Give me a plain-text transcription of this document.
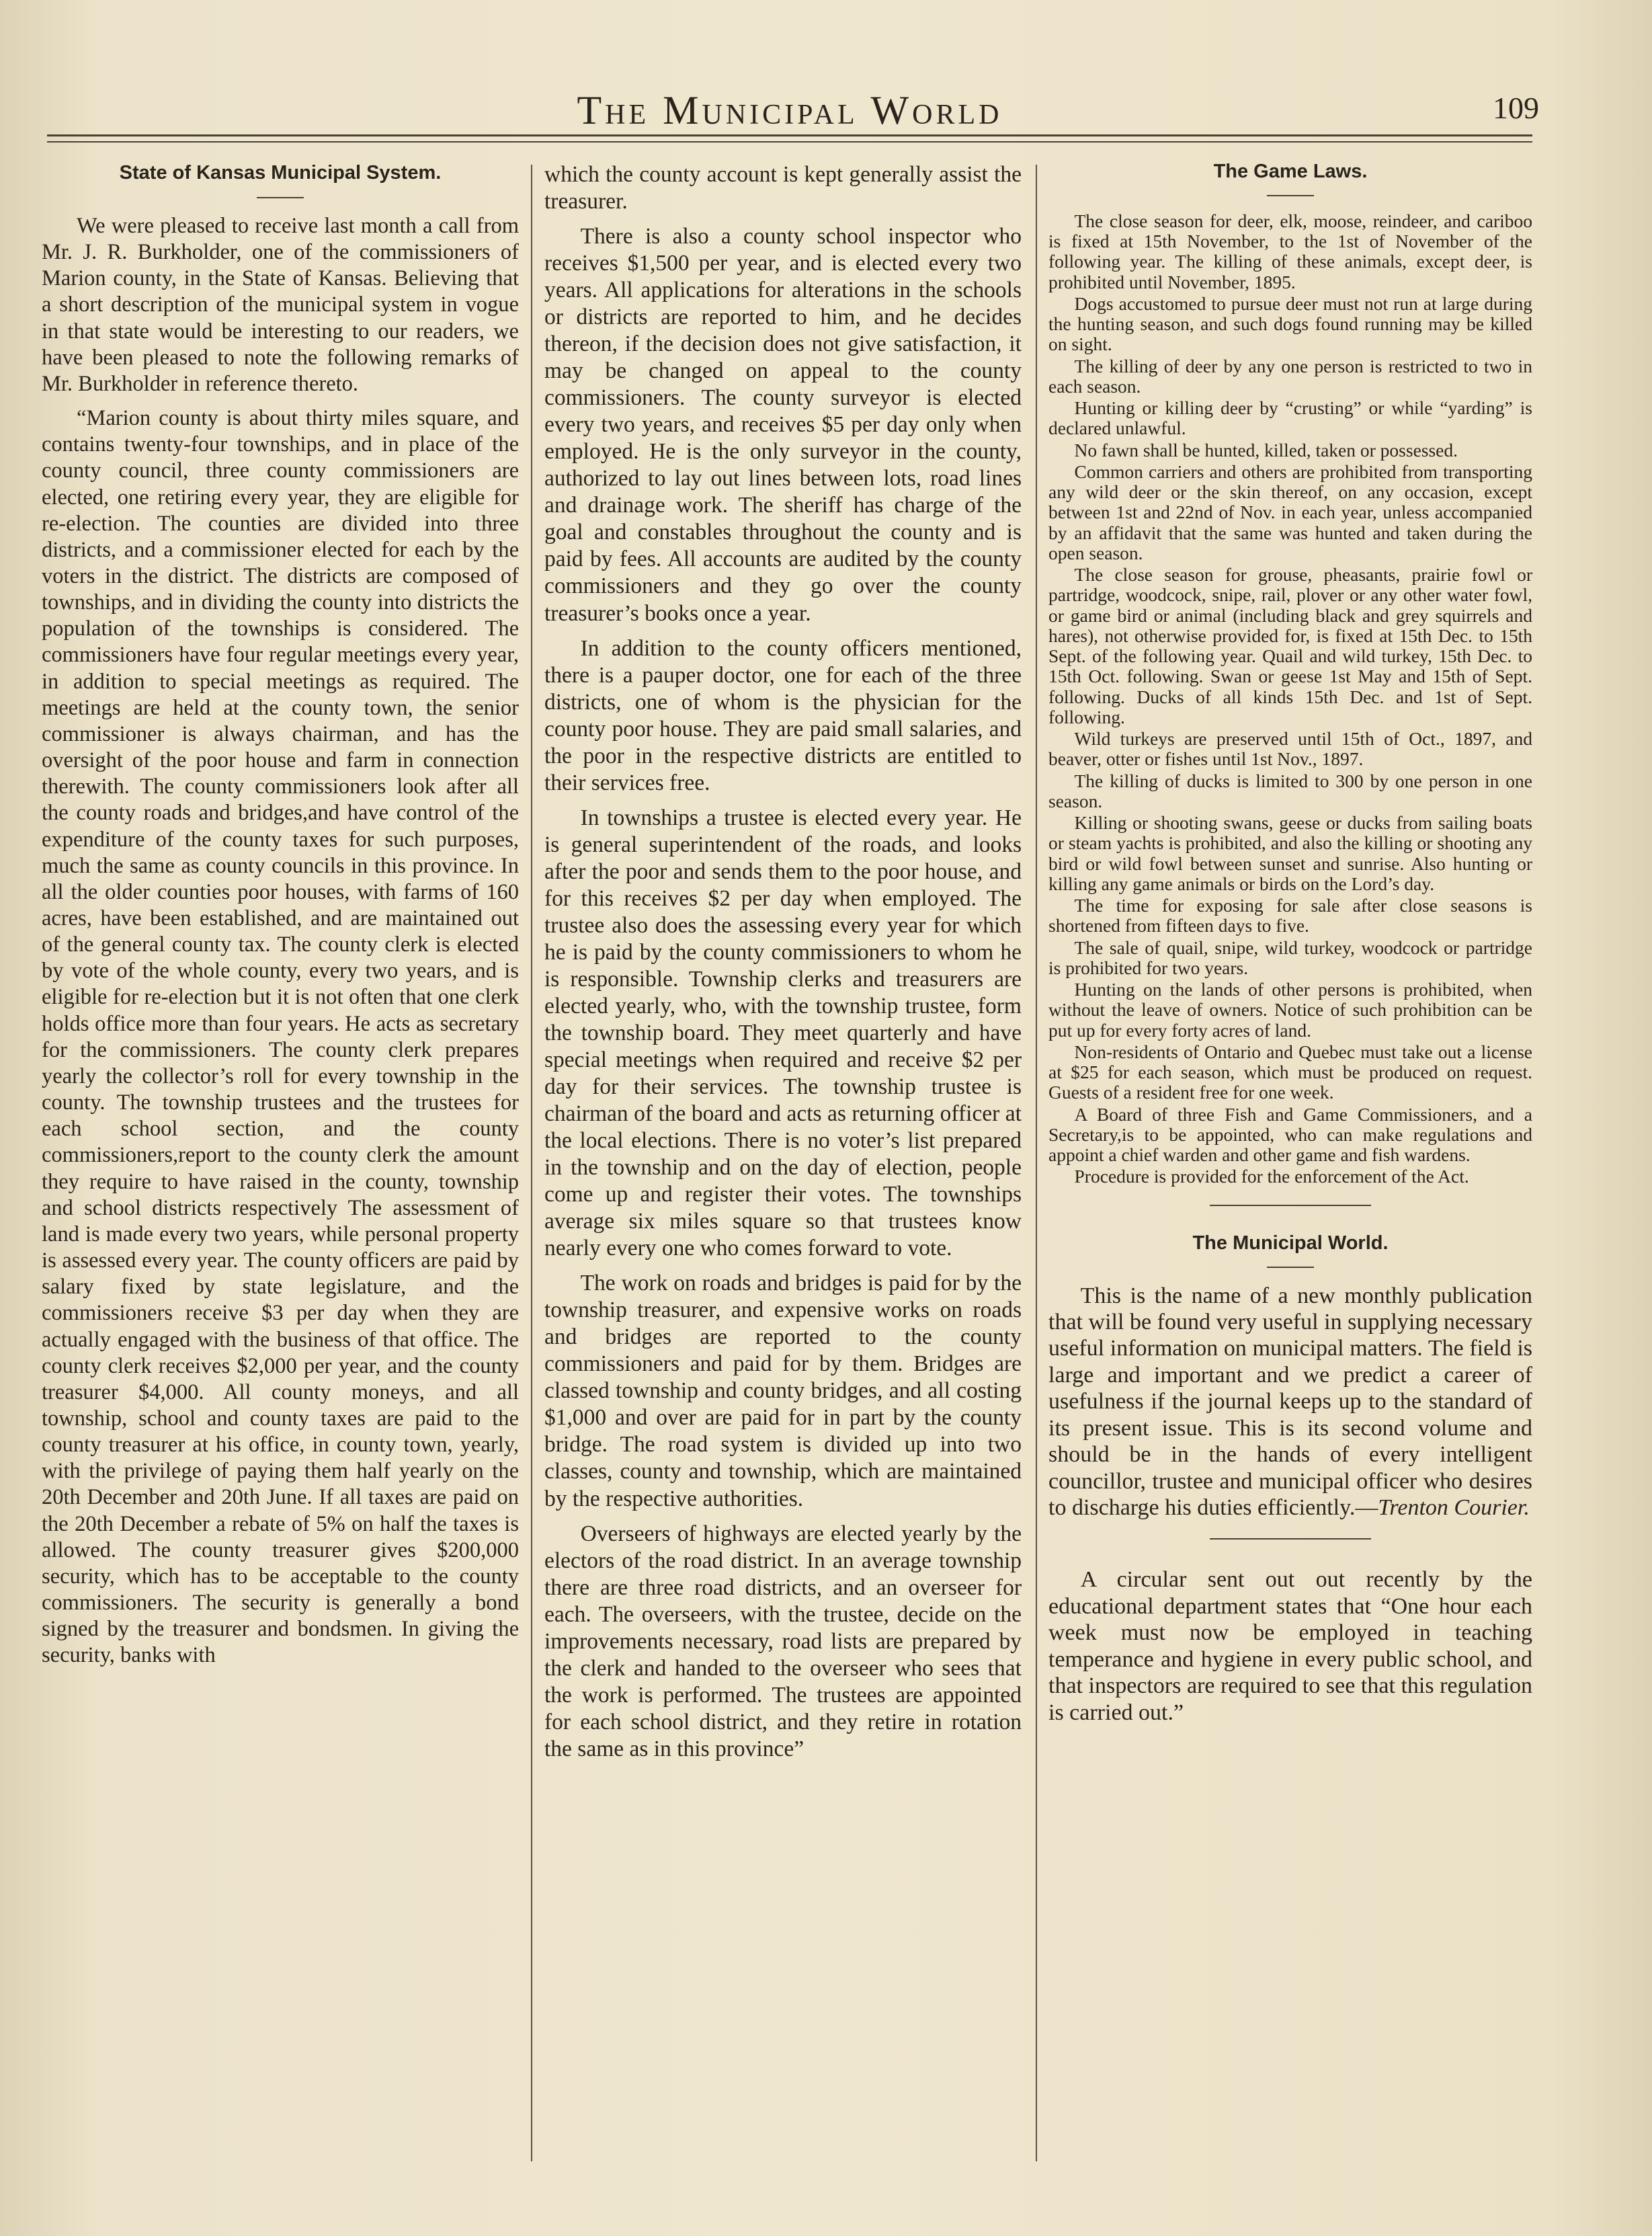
The Municipal World	109
State of Kansas Municipal System.

We were pleased to receive last month a call from Mr. J. R. Burkholder, one of the commissioners of Marion county, in the State of Kansas. Believing that a short description of the municipal system in vogue in that state would be interesting to our readers, we have been pleased to note the following remarks of Mr. Burkholder in reference thereto.

“Marion county is about thirty miles square, and contains twenty-four townships, and in place of the county council, three county commissioners are elected, one retiring every year, they are eligible for re-election. The counties are divided into three districts, and a commissioner elected for each by the voters in the district. The districts are composed of townships, and in dividing the county into districts the population of the townships is considered. The commissioners have four regular meetings every year, in addition to special meetings as required. The meetings are held at the county town, the senior commissioner is always chairman, and has the oversight of the poor house and farm in connection therewith. The county commissioners look after all the county roads and bridges,and have control of the expenditure of the county taxes for such purposes, much the same as county councils in this province. In all the older counties poor houses, with farms of 160 acres, have been established, and are maintained out of the general county tax. The county clerk is elected by vote of the whole county, every two years, and is eligible for re-election but it is not often that one clerk holds office more than four years. He acts as secretary for the commissioners. The county clerk prepares yearly the collector’s roll for every township in the county. The township trustees and the trustees for each school section, and the county commissioners,report to the county clerk the amount they require to have raised in the county, township and school districts respectively The assessment of land is made every two years, while personal property is assessed every year. The county officers are paid by salary fixed by state legislature, and the commissioners receive $3 per day when they are actually engaged with the business of that office. The county clerk receives $2,000 per year, and the county treasurer $4,000. All county moneys, and all township, school and county taxes are paid to the county treasurer at his office, in county town, yearly, with the privilege of paying them half yearly on the 20th December and 20th June. If all taxes are paid on the 20th December a rebate of 5% on half the taxes is allowed. The county treasurer gives $200,000 security, which has to be acceptable to the county commissioners. The security is generally a bond signed by the treasurer and bondsmen. In giving the security, banks with

which the county account is kept generally assist the treasurer.

There is also a county school inspector who receives $1,500 per year, and is elected every two years. All applications for alterations in the schools or districts are reported to him, and he decides thereon, if the decision does not give satisfaction, it may be changed on appeal to the county commissioners. The county surveyor is elected every two years, and receives $5 per day only when employed. He is the only surveyor in the county, authorized to lay out lines between lots, road lines and drainage work. The sheriff has charge of the goal and constables throughout the county and is paid by fees. All accounts are audited by the county commissioners and they go over the county treasurer’s books once a year.

In addition to the county officers mentioned, there is a pauper doctor, one for each of the three districts, one of whom is the physician for the county poor house. They are paid small salaries, and the poor in the respective districts are entitled to their services free.

In townships a trustee is elected every year. He is general superintendent of the roads, and looks after the poor and sends them to the poor house, and for this receives $2 per day when employed. The trustee also does the assessing every year for which he is paid by the county commissioners to whom he is responsible. Township clerks and treasurers are elected yearly, who, with the township trustee, form the township board. They meet quarterly and have special meetings when required and receive $2 per day for their services. The township trustee is chairman of the board and acts as returning officer at the local elections. There is no voter’s list prepared in the township and on the day of election, people come up and register their votes. The townships average six miles square so that trustees know nearly every one who comes forward to vote.

The work on roads and bridges is paid for by the township treasurer, and expensive works on roads and bridges are reported to the county commissioners and paid for by them. Bridges are classed township and county bridges, and all costing $1,000 and over are paid for in part by the county bridge. The road system is divided up into two classes, county and township, which are maintained by the respective authorities.

Overseers of highways are elected yearly by the electors of the road district. In an average township there are three road districts, and an overseer for each. The overseers, with the trustee, decide on the improvements necessary, road lists are prepared by the clerk and handed to the overseer who sees that the work is performed. The trustees are appointed for each school district, and they retire in rotation the same as in this province”

The Game Laws.

The close season for deer, elk, moose, reindeer, and cariboo is fixed at 15th November, to the 1st of November of the following year. The killing of these animals, except deer, is prohibited until November, 1895.

Dogs accustomed to pursue deer must not run at large during the hunting season, and such dogs found running may be killed on sight.

The killing of deer by any one person is restricted to two in each season.

Hunting or killing deer by “crusting” or while “yarding” is declared unlawful.

No fawn shall be hunted, killed, taken or possessed.

Common carriers and others are prohibited from transporting any wild deer or the skin thereof, on any occasion, except between 1st and 22nd of Nov. in each year, unless accompanied by an affidavit that the same was hunted and taken during the open season.

The close season for grouse, pheasants, prairie fowl or partridge, woodcock, snipe, rail, plover or any other water fowl, or game bird or animal (including black and grey squirrels and hares), not otherwise provided for, is fixed at 15th Dec. to 15th Sept. of the following year. Quail and wild turkey, 15th Dec. to 15th Oct. following. Swan or geese 1st May and 15th of Sept. following. Ducks of all kinds 15th Dec. and 1st of Sept. following.

Wild turkeys are preserved until 15th of Oct., 1897, and beaver, otter or fishes until 1st Nov., 1897.

The killing of ducks is limited to 300 by one person in one season.

Killing or shooting swans, geese or ducks from sailing boats or steam yachts is prohibited, and also the killing or shooting any bird or wild fowl between sunset and sunrise. Also hunting or killing any game animals or birds on the Lord’s day.

The time for exposing for sale after close seasons is shortened from fifteen days to five.

The sale of quail, snipe, wild turkey, woodcock or partridge is prohibited for two years.

Hunting on the lands of other persons is prohibited, when without the leave of owners. Notice of such prohibition can be put up for every forty acres of land.

Non-residents of Ontario and Quebec must take out a license at $25 for each season, which must be produced on request. Guests of a resident free for one week.

A Board of three Fish and Game Commissioners, and a Secretary,is to be appointed, who can make regulations and appoint a chief warden and other game and fish wardens.

Procedure is provided for the enforcement of the Act.

The Municipal World.

This is the name of a new monthly publication that will be found very useful in supplying necessary useful information on municipal matters. The field is large and important and we predict a career of usefulness if the journal keeps up to the standard of its present issue. This is its second volume and should be in the hands of every intelligent councillor, trustee and municipal officer who desires to discharge his duties efficiently.—Trenton Courier.

A circular sent out out recently by the educational department states that “One hour each week must now be employed in teaching temperance and hygiene in every public school, and that inspectors are required to see that this regulation is carried out.”
